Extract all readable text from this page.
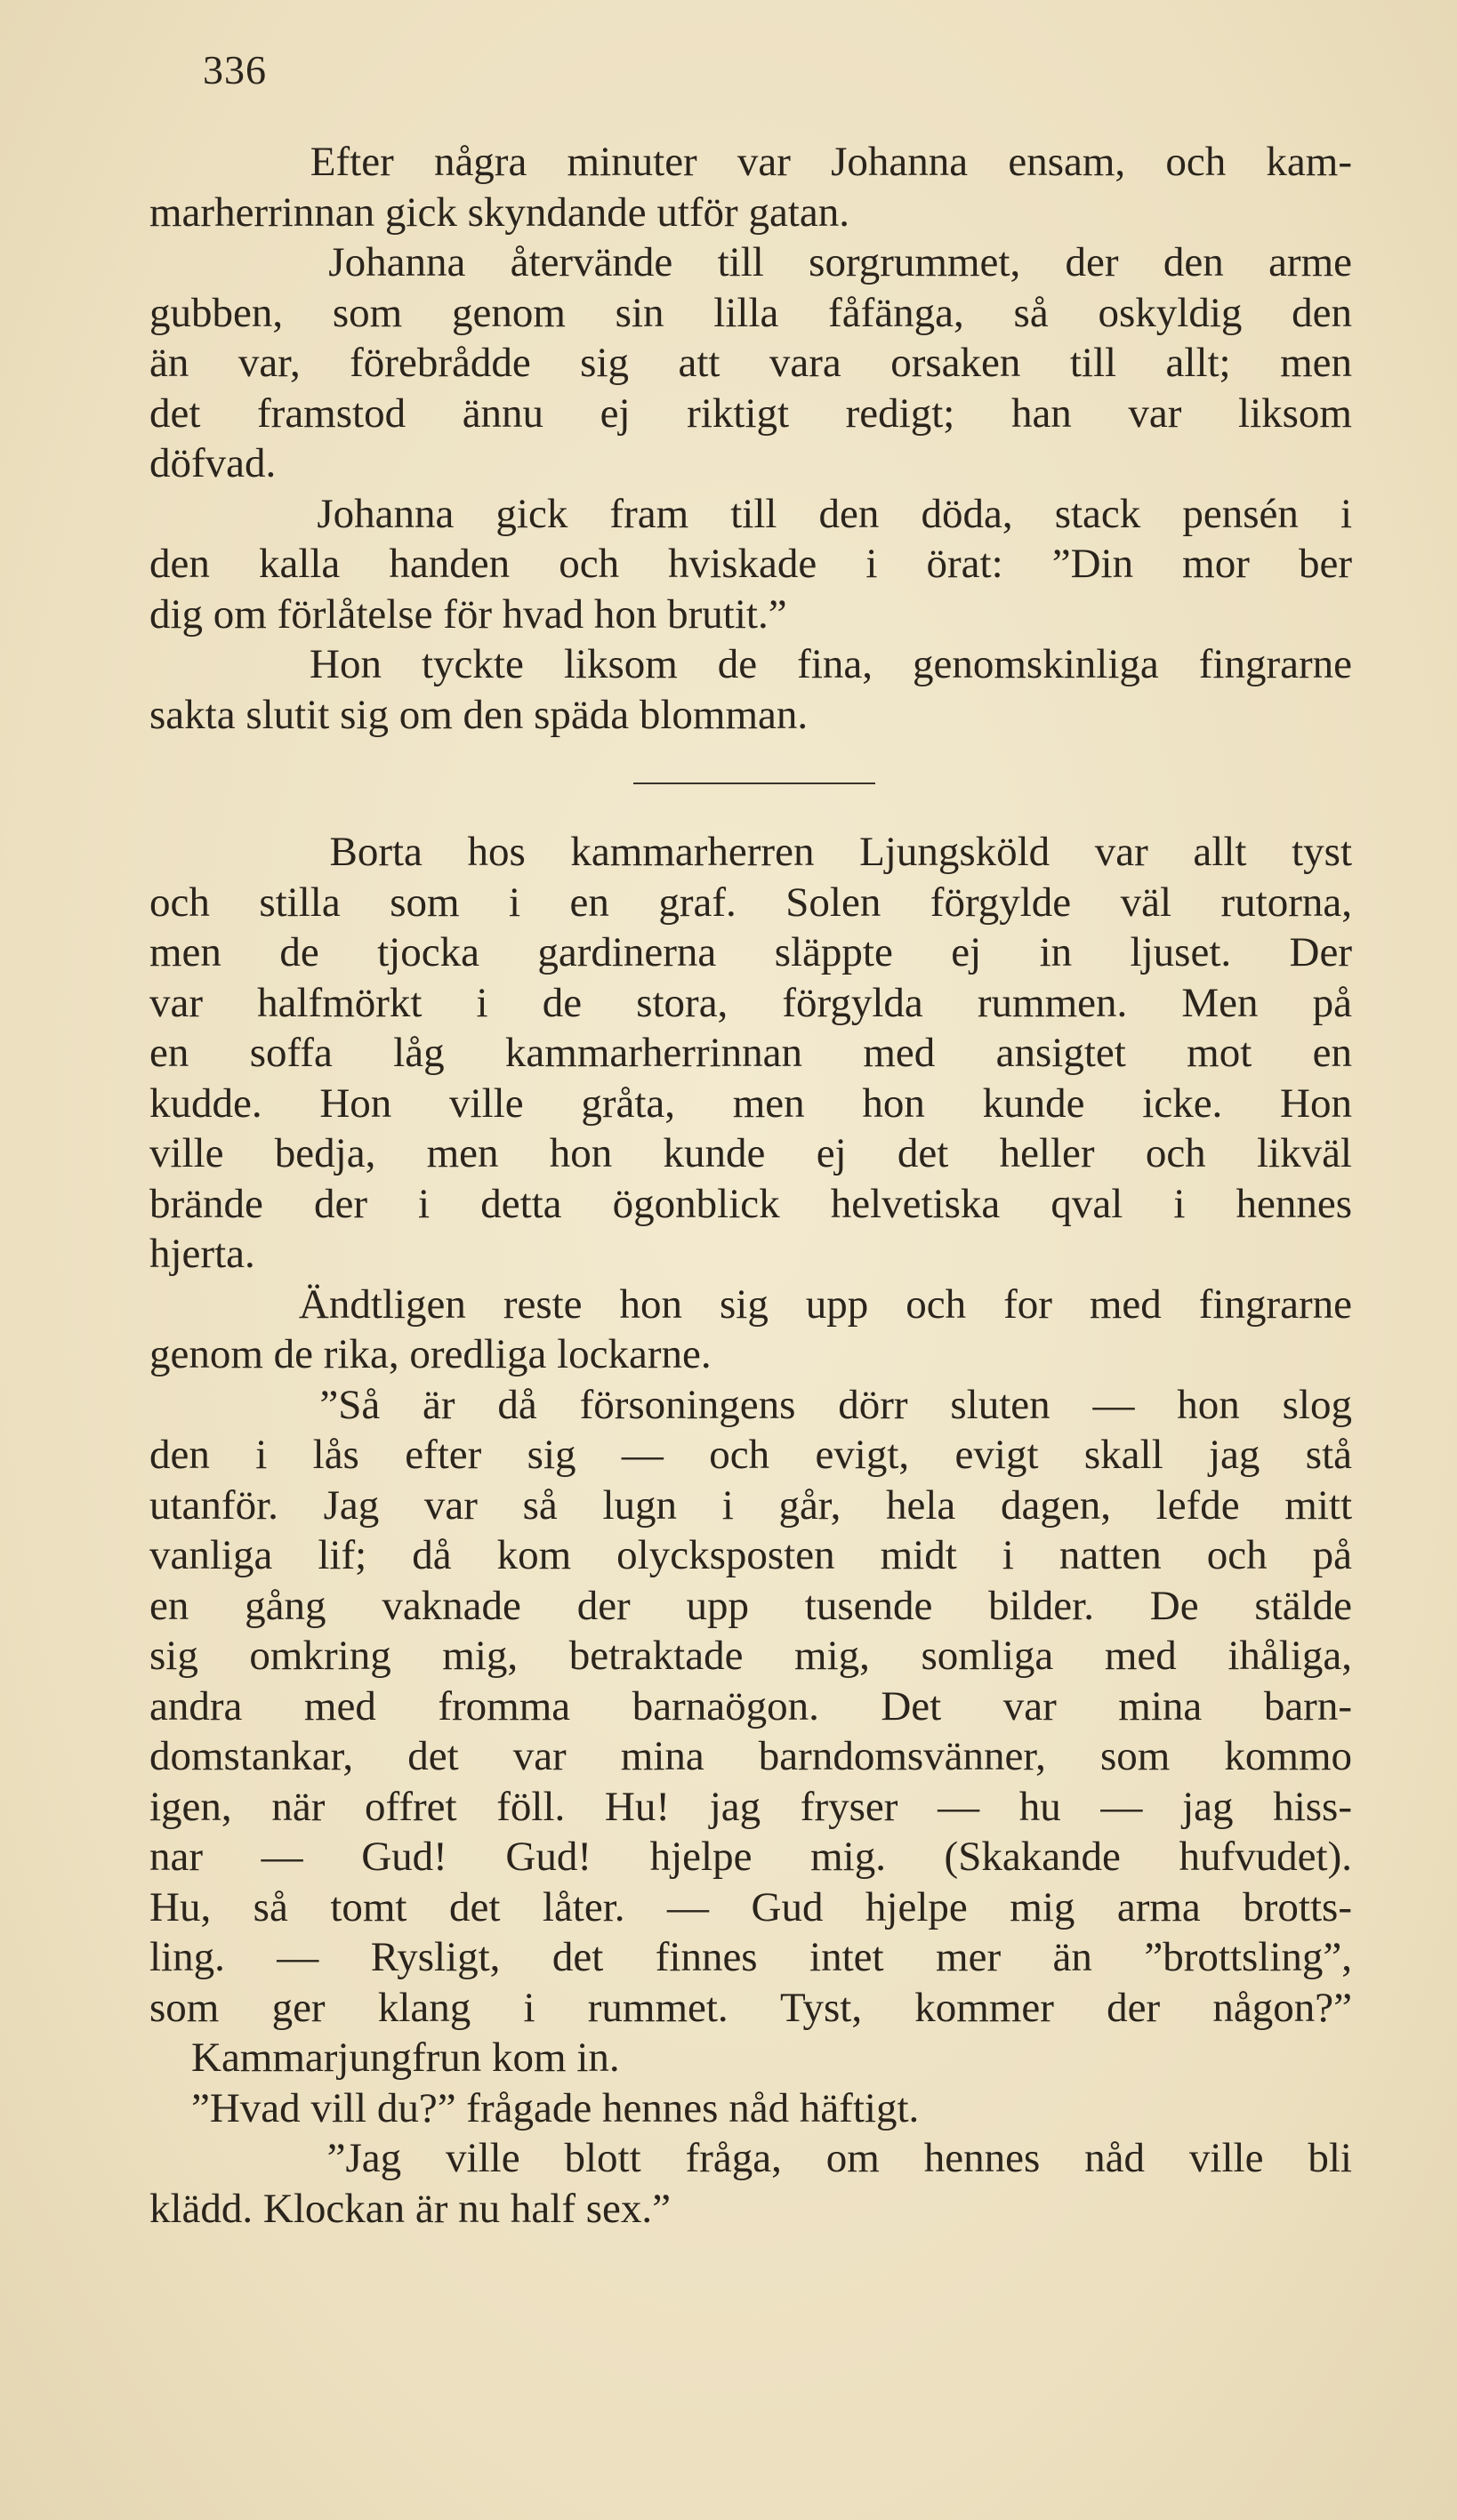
336
Efter några minuter var Johanna ensam, och kam-
marherrinnan gick skyndande utför gatan.
Johanna återvände till sorgrummet, der den arme
gubben, som genom sin lilla fåfänga, så oskyldig den
än var, förebrådde sig att vara orsaken till allt; men
det framstod ännu ej riktigt redigt; han var liksom
döfvad.
Johanna gick fram till den döda, stack pensén i
den kalla handen och hviskade i örat: ”Din mor ber
dig om förlåtelse för hvad hon brutit.”
Hon tyckte liksom de fina, genomskinliga fingrarne
sakta slutit sig om den späda blomman.
Borta hos kammarherren Ljungsköld var allt tyst
och stilla som i en graf. Solen förgylde väl rutorna,
men de tjocka gardinerna släppte ej in ljuset. Der
var halfmörkt i de stora, förgylda rummen. Men på
en soffa låg kammarherrinnan med ansigtet mot en
kudde. Hon ville gråta, men hon kunde icke. Hon
ville bedja, men hon kunde ej det heller och likväl
brände der i detta ögonblick helvetiska qval i hennes
hjerta.
Ändtligen reste hon sig upp och for med fingrarne
genom de rika, oredliga lockarne.
”Så är då försoningens dörr sluten — hon slog
den i lås efter sig — och evigt, evigt skall jag stå
utanför. Jag var så lugn i går, hela dagen, lefde mitt
vanliga lif; då kom olycksposten midt i natten och på
en gång vaknade der upp tusende bilder. De stälde
sig omkring mig, betraktade mig, somliga med ihåliga,
andra med fromma barnaögon. Det var mina barn-
domstankar, det var mina barndomsvänner, som kommo
igen, när offret föll. Hu! jag fryser — hu — jag hiss-
nar — Gud! Gud! hjelpe mig. (Skakande hufvudet).
Hu, så tomt det låter. — Gud hjelpe mig arma brotts-
ling. — Rysligt, det finnes intet mer än ”brottsling”,
som ger klang i rummet. Tyst, kommer der någon?”
Kammarjungfrun kom in.
”Hvad vill du?” frågade hennes nåd häftigt.
”Jag ville blott fråga, om hennes nåd ville bli
klädd. Klockan är nu half sex.”
